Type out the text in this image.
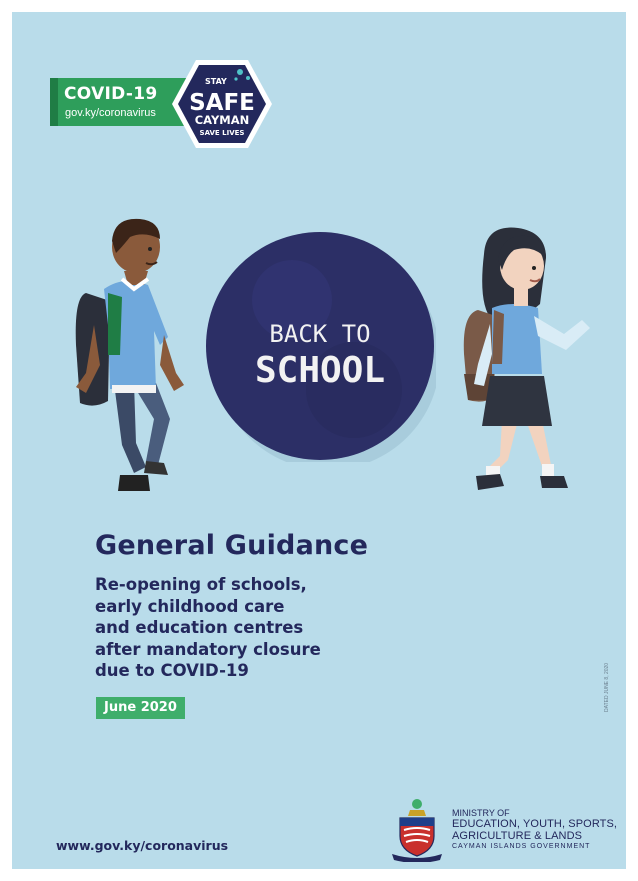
COVID-19
gov.ky/coronavirus
STAY
SAFE
CAYMAN
SAVE LIVES
BACK TO
SCHOOL
General Guidance
Re-opening of schools,
early childhood care
and education centres
after mandatory closure
due to COVID-19
June 2020	DATED JUNE 8, 2020
www.gov.ky/coronavirus
MINISTRY OF
EDUCATION, YOUTH, SPORTS,
AGRICULTURE & LANDS
CAYMAN ISLANDS GOVERNMENT
